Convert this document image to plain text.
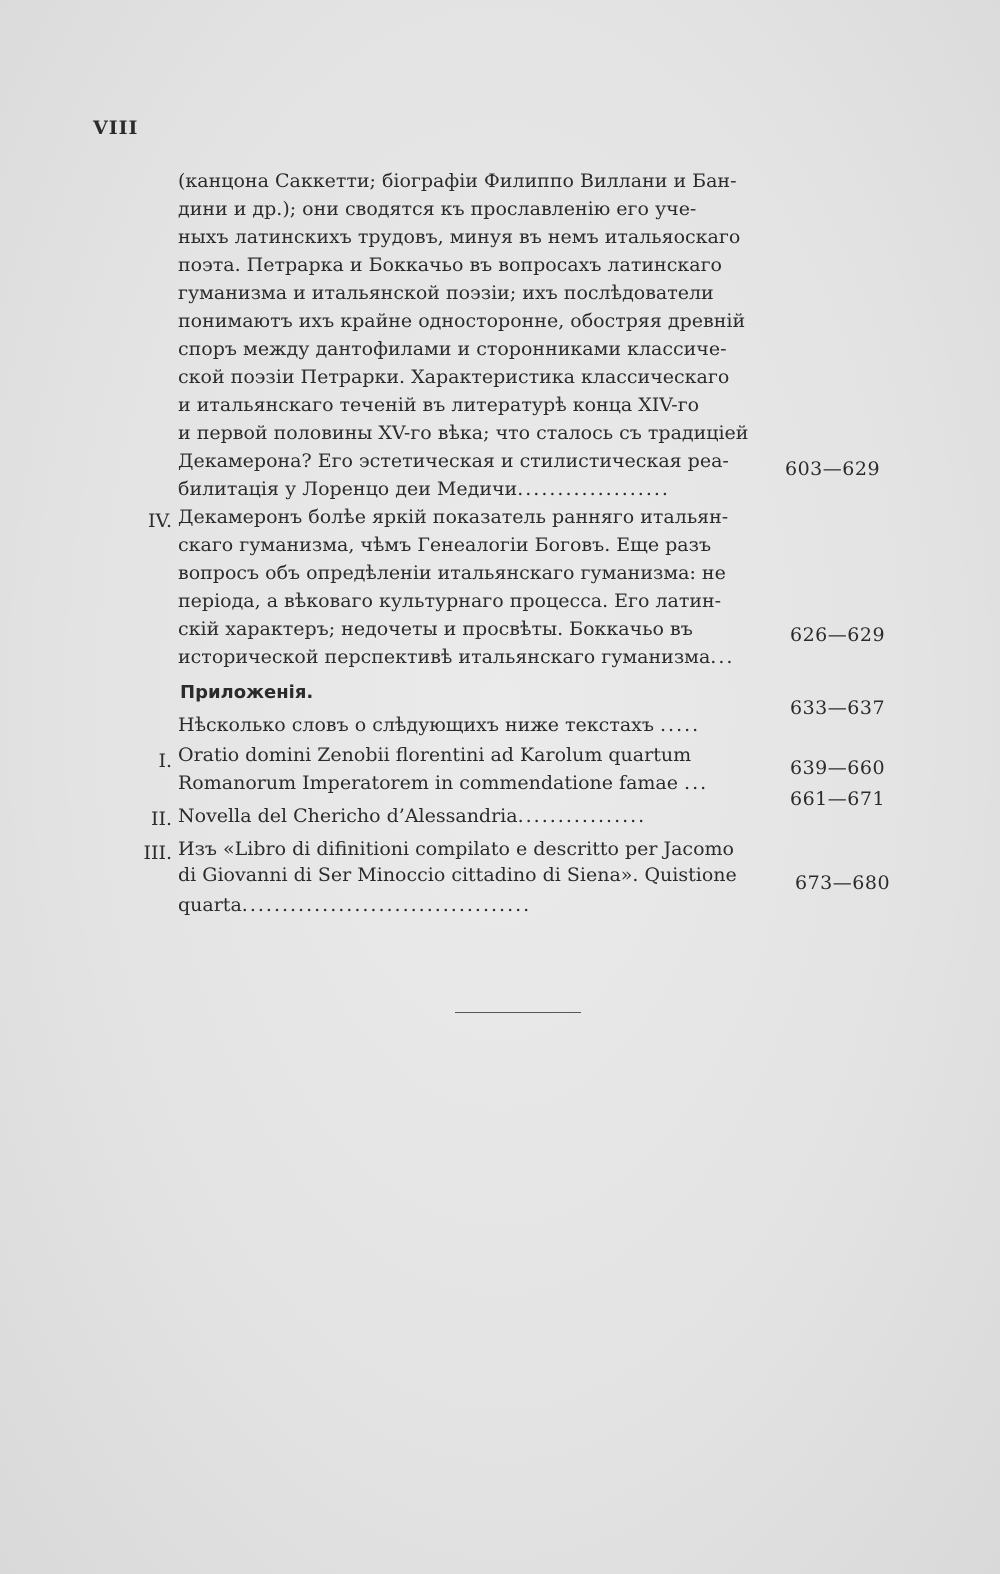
VIII
(канцона Саккетти; біографіи Филиппо Виллани и Бан-
дини и др.); они сводятся къ прославленію его уче-
ныхъ латинскихъ трудовъ, минуя въ немъ итальяоскаго
поэта. Петрарка и Боккачьо въ вопросахъ латинскаго
гуманизма и итальянской поэзіи; ихъ послѣдователи
понимаютъ ихъ крайне односторонне, обостряя древній
споръ между дантофилами и сторонниками классиче-
ской поэзіи Петрарки. Характеристика классическаго
и итальянскаго теченій въ литературѣ конца XIV-го
и первой половины XV-го вѣка; что сталось съ традиціей
Декамерона? Его эстетическая и стилистическая реа-
билитація у Лоренцо деи Медичи...................
603—629
IV. Декамеронъ болѣе яркій показатель ранняго итальян-
скаго гуманизма, чѣмъ Генеалогіи Боговъ. Еще разъ
вопросъ объ опредѣленіи итальянскаго гуманизма: не
періода, а вѣковаго культурнаго процесса. Его латин-
скій характеръ; недочеты и просвѣты. Боккачьо въ
исторической перспективѣ итальянскаго гуманизма...
626—629
Приложенія.
Нѣсколько словъ о слѣдующихъ ниже текстахъ .....
633—637
I. Oratio domini Zenobii florentini ad Karolum quartum
Romanorum Imperatorem in commendatione famae ...
639—660
II. Novella del Chericho d’Alessandria................
661—671
III. Изъ «Libro di difinitioni compilato e descritto per Jacomo
di Giovanni di Ser Minoccio cittadino di Siena». Quistione
quarta....................................
673—680
